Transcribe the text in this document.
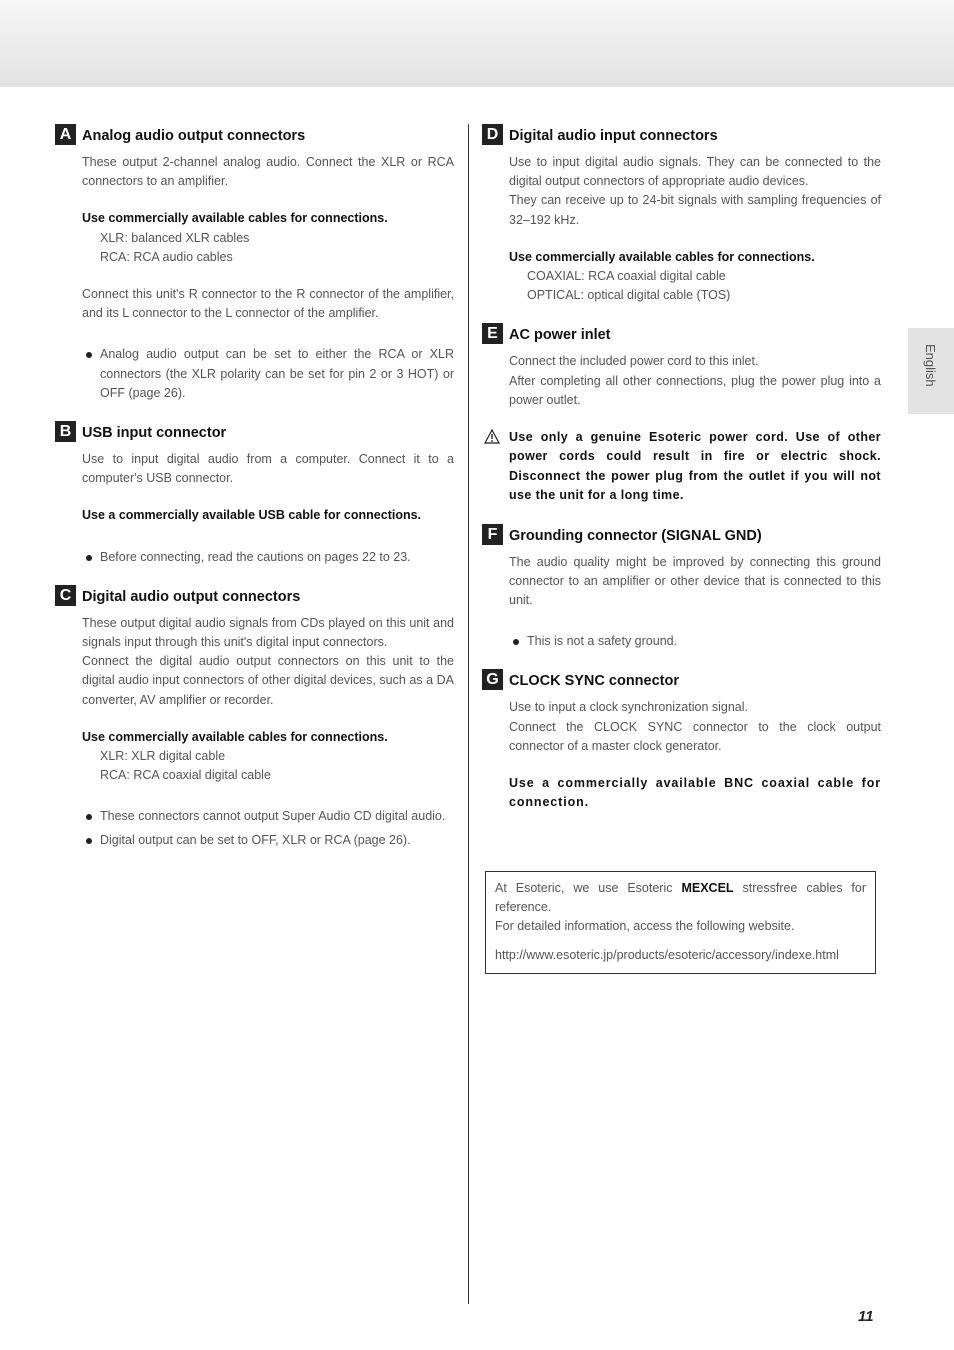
English
A Analog audio output connectors

These output 2-channel analog audio. Connect the XLR or RCA connectors to an amplifier.

Use commercially available cables for connections.

XLR: balanced XLR cables

RCA: RCA audio cables

Connect this unit's R connector to the R connector of the amplifier, and its L connector to the L connector of the amplifier.

Analog audio output can be set to either the RCA or XLR connectors (the XLR polarity can be set for pin 2 or 3 HOT) or OFF (page 26).
B USB input connector

Use to input digital audio from a computer. Connect it to a computer's USB connector.

Use a commercially available USB cable for connections.

Before connecting, read the cautions on pages 22 to 23.
C Digital audio output connectors

These output digital audio signals from CDs played on this unit and signals input through this unit's digital input connectors.

Connect the digital audio output connectors on this unit to the digital audio input connectors of other digital devices, such as a DA converter, AV amplifier or recorder.

Use commercially available cables for connections.

XLR: XLR digital cable

RCA: RCA coaxial digital cable

These connectors cannot output Super Audio CD digital audio.
Digital output can be set to OFF, XLR or RCA (page 26).
D Digital audio input connectors

Use to input digital audio signals. They can be connected to the digital output connectors of appropriate audio devices.

They can receive up to 24-bit signals with sampling frequencies of 32–192 kHz.

Use commercially available cables for connections.

COAXIAL: RCA coaxial digital cable

OPTICAL: optical digital cable (TOS)

E AC power inlet

Connect the included power cord to this inlet.

After completing all other connections, plug the power plug into a power outlet.

Use only a genuine Esoteric power cord. Use of other power cords could result in fire or electric shock. Disconnect the power plug from the outlet if you will not use the unit for a long time.
F Grounding connector (SIGNAL GND)

The audio quality might be improved by connecting this ground connector to an amplifier or other device that is connected to this unit.

This is not a safety ground.
G CLOCK SYNC connector

Use to input a clock synchronization signal.

Connect the CLOCK SYNC connector to the clock output connector of a master clock generator.

Use a commercially available BNC coaxial cable for connection.

At Esoteric, we use Esoteric MEXCEL stressfree cables for reference.

For detailed information, access the following website.

http://www.esoteric.jp/products/esoteric/accessory/indexe.html

11
